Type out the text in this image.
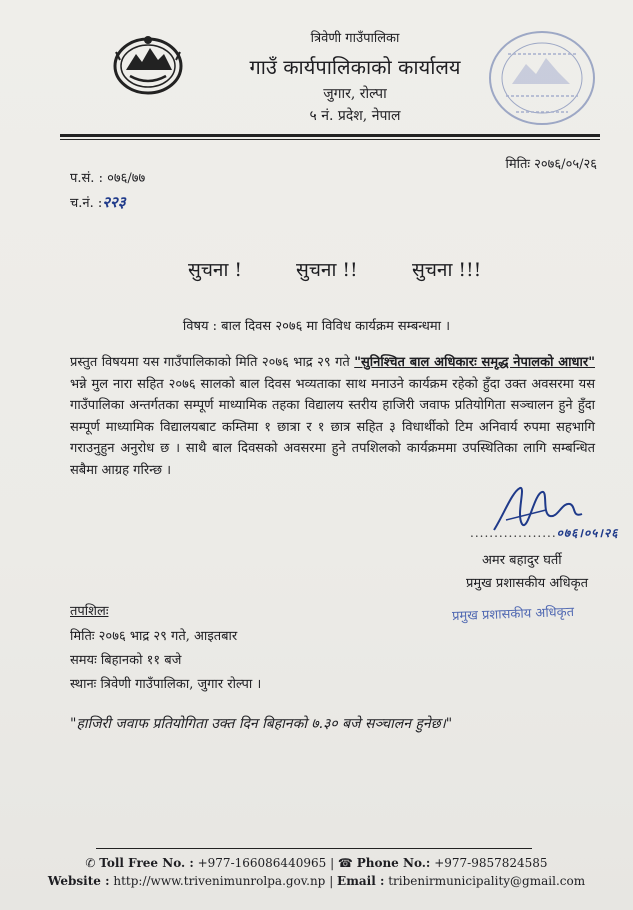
त्रिवेणी गाउँपालिका
गाउँ कार्यपालिकाको कार्यालय
जुगार, रोल्पा
५ नं. प्रदेश, नेपाल
मितिः २०७६/०५/२६
प.सं. : ०७६/७७
च.नं. :२२३
सुचना !	सुचना !!	सुचना !!!
विषय : बाल दिवस २०७६ मा विविध कार्यक्रम सम्बन्धमा ।
प्रस्तुत विषयमा यस गाउँपालिकाको मिति २०७६ भाद्र २९ गते "सुनिश्चित बाल अधिकारः समृद्ध नेपालको आधार" भन्ने मुल नारा सहित २०७६ सालको बाल दिवस भव्यताका साथ मनाउने कार्यक्रम रहेको हुँदा उक्त अवसरमा यस गाउँपालिका अन्तर्गतका सम्पूर्ण माध्यामिक तहका विद्यालय स्तरीय हाजिरी जवाफ प्रतियोगिता सञ्चालन हुने हुँदा सम्पूर्ण माध्यामिक विद्यालयबाट कम्तिमा १ छात्रा र १ छात्र सहित ३ विधार्थीको टिम अनिवार्य रुपमा सहभागि गराउनुहुन अनुरोध छ । साथै बाल दिवसको अवसरमा हुने तपशिलको कार्यक्रममा उपस्थितिका लागि सम्बन्धित सबैमा आग्रह गरिन्छ ।
..................०७६।०५।२६
अमर बहादुर घर्ती
प्रमुख प्रशासकीय अधिकृत
प्रमुख प्रशासकीय अधिकृत
तपशिलः
मितिः २०७६ भाद्र २९ गते, आइतबार
समयः बिहानको ११ बजे
स्थानः त्रिवेणी गाउँपालिका, जुगार रोल्पा ।
"हाजिरी जवाफ प्रतियोगिता उक्त दिन बिहानको ७.३० बजे सञ्चालन हुनेछ।"
✆ Toll Free No. : +977-166086440965 | ☎ Phone No.: +977-9857824585
Website : http://www.trivenimunrolpa.gov.np | Email : tribenirmunicipality@gmail.com
